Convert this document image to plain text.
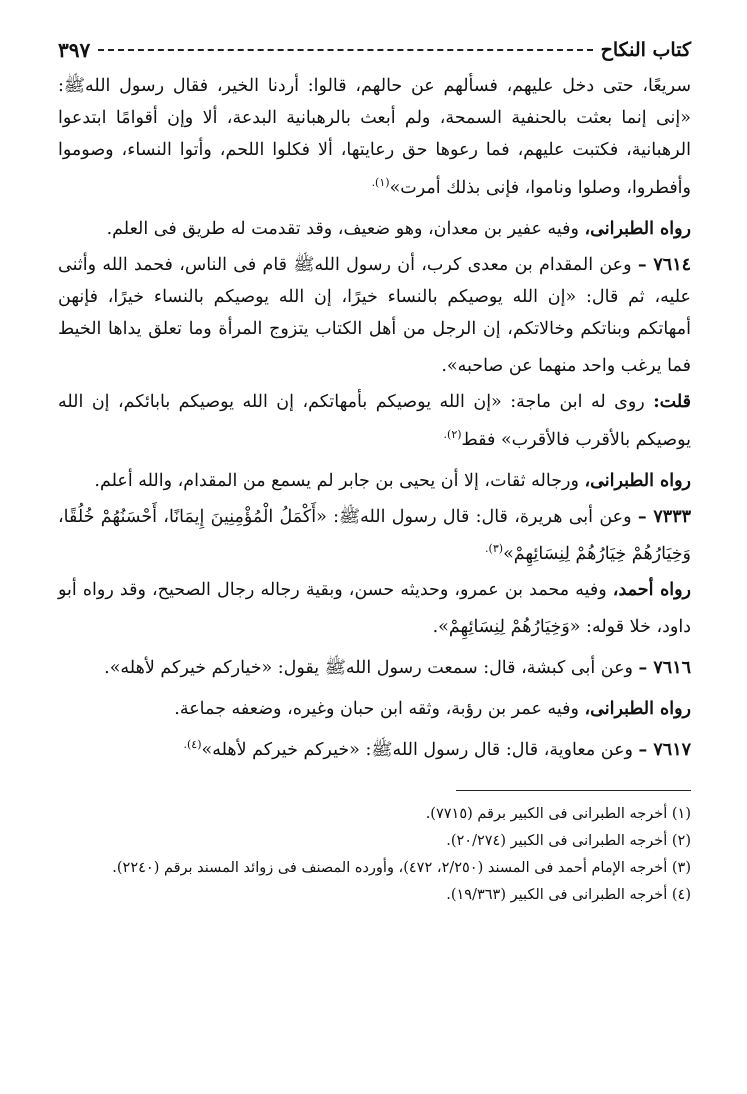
كتاب النكاح
٣٩٧

سريعًا، حتى دخل عليهم، فسألهم عن حالهم، قالوا: أردنا الخير، فقال رسول اللهﷺ: «إنى إنما بعثت بالحنفية السمحة، ولم أبعث بالرهبانية البدعة، ألا وإن أقوامًا ابتدعوا الرهبانية، فكتبت عليهم، فما رعوها حق رعايتها، ألا فكلوا اللحم، وأتوا النساء، وصوموا وأفطروا، وصلوا وناموا، فإنى بذلك أمرت»$^{(١).}$

رواه الطبرانى، وفيه عفير بن معدان، وهو ضعيف، وقد تقدمت له طريق فى العلم.

٧٦١٤ – وعن المقدام بن معدى كرب، أن رسول اللهﷺ قام فى الناس، فحمد الله وأثنى عليه، ثم قال: «إن الله يوصيكم بالنساء خيرًا، إن الله يوصيكم بالنساء خيرًا، فإنهن أمهاتكم وبناتكم وخالاتكم، إن الرجل من أهل الكتاب يتزوج المرأة وما تعلق يداها الخيط فما يرغب واحد منهما عن صاحبه».

قلت: روى له ابن ماجة: «إن الله يوصيكم بأمهاتكم، إن الله يوصيكم بابائكم، إن الله يوصيكم بالأقرب فالأقرب» فقط$^{(٢).}$

رواه الطبرانى، ورجاله ثقات، إلا أن يحيى بن جابر لم يسمع من المقدام، والله أعلم.

٧٣٣٣ – وعن أبى هريرة، قال: قال رسول اللهﷺ: «أَكْمَلُ الْمُؤْمِنِينَ إِيمَانًا، أَحْسَنُهُمْ خُلُقًا، وَخِيَارُهُمْ خِيَارُهُمْ لِنِسَائِهِمْ»$^{(٣).}$

رواه أحمد، وفيه محمد بن عمرو، وحديثه حسن، وبقية رجاله رجال الصحيح، وقد رواه أبو داود، خلا قوله: «وَخِيَارُهُمْ لِنِسَائِهِمْ».

٧٦١٦ – وعن أبى كبشة، قال: سمعت رسول اللهﷺ يقول: «خياركم خيركم لأهله».

رواه الطبرانى، وفيه عمر بن رؤبة، وثقه ابن حبان وغيره، وضعفه جماعة.

٧٦١٧ – وعن معاوية، قال: قال رسول اللهﷺ: «خيركم خيركم لأهله»$^{(٤).}$

(١) أخرجه الطبرانى فى الكبير برقم (٧٧١٥).

(٢) أخرجه الطبرانى فى الكبير (٢٠/٢٧٤).

(٣) أخرجه الإمام أحمد فى المسند (٢/٢٥٠، ٤٧٢)، وأورده المصنف فى زوائد المسند برقم (٢٢٤٠).

(٤) أخرجه الطبرانى فى الكبير (١٩/٣٦٣).
